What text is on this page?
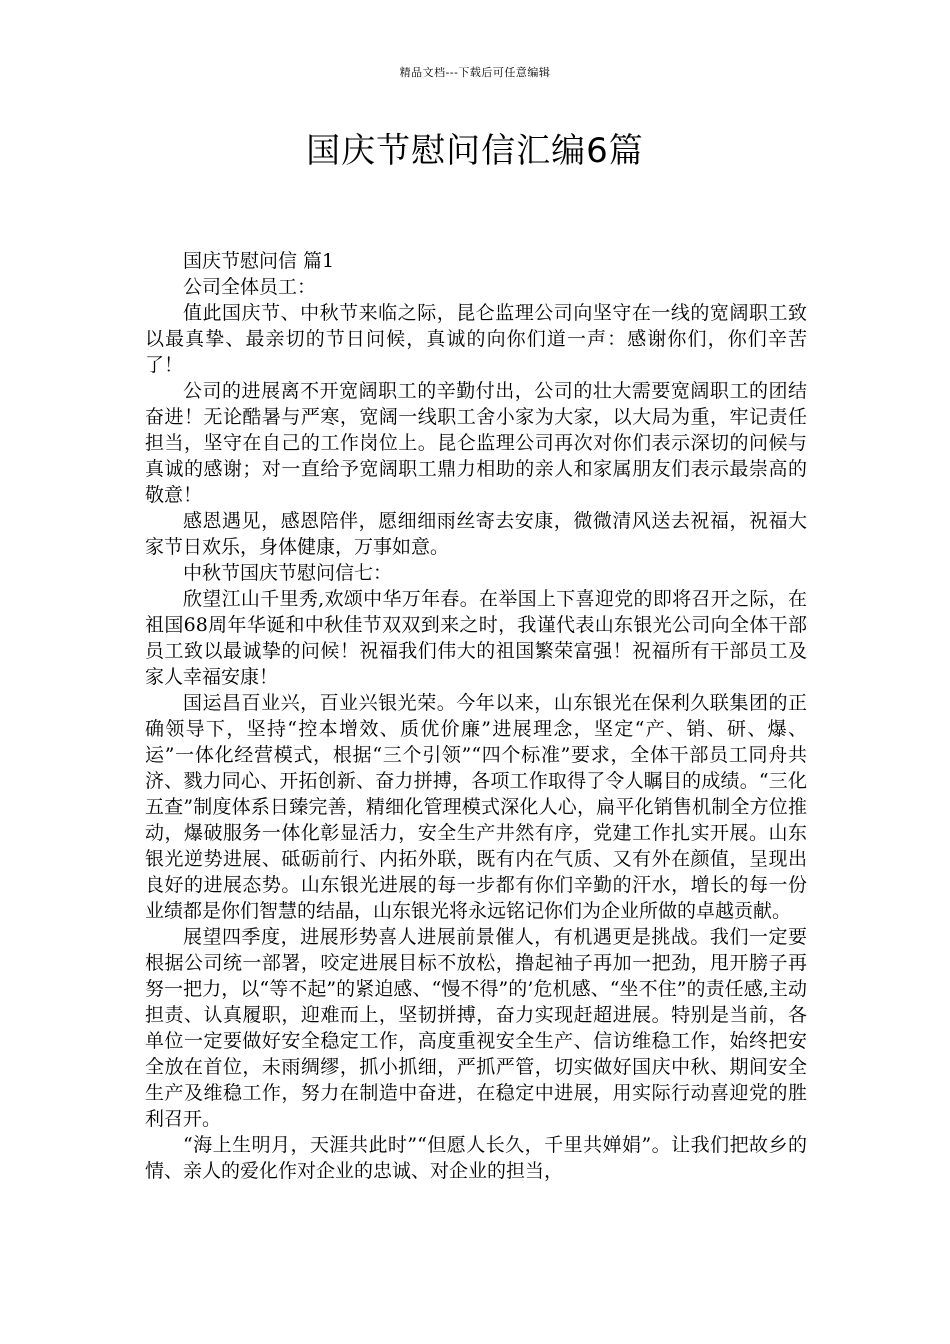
精品文档---下载后可任意编辑
国庆节慰问信汇编6篇

国庆节慰问信 篇1

公司全体员工：

值此国庆节、中秋节来临之际，昆仑监理公司向坚守在一线的宽阔职工致以最真挚、最亲切的节日问候，真诚的向你们道一声：感谢你们，你们辛苦了！

公司的进展离不开宽阔职工的辛勤付出，公司的壮大需要宽阔职工的团结奋进！无论酷暑与严寒，宽阔一线职工舍小家为大家，以大局为重，牢记责任担当，坚守在自己的工作岗位上。昆仑监理公司再次对你们表示深切的问候与真诚的感谢；对一直给予宽阔职工鼎力相助的亲人和家属朋友们表示最崇高的敬意！

感恩遇见，感恩陪伴，愿细细雨丝寄去安康，微微清风送去祝福，祝福大家节日欢乐，身体健康，万事如意。

中秋节国庆节慰问信七：

欣望江山千里秀,欢颂中华万年春。在举国上下喜迎党的即将召开之际，在祖国68周年华诞和中秋佳节双双到来之时，我谨代表山东银光公司向全体干部员工致以最诚挚的问候！祝福我们伟大的祖国繁荣富强！祝福所有干部员工及家人幸福安康！

国运昌百业兴，百业兴银光荣。今年以来，山东银光在保利久联集团的正确领导下，坚持“控本增效、质优价廉”进展理念，坚定“产、销、研、爆、运”一体化经营模式，根据“三个引领”“四个标准”要求，全体干部员工同舟共济、戮力同心、开拓创新、奋力拼搏，各项工作取得了令人瞩目的成绩。“三化五查”制度体系日臻完善，精细化管理模式深化人心，扁平化销售机制全方位推动，爆破服务一体化彰显活力，安全生产井然有序，党建工作扎实开展。山东银光逆势进展、砥砺前行、内拓外联，既有内在气质、又有外在颜值，呈现出良好的进展态势。山东银光进展的每一步都有你们辛勤的汗水，增长的每一份业绩都是你们智慧的结晶，山东银光将永远铭记你们为企业所做的卓越贡献。

展望四季度，进展形势喜人进展前景催人，有机遇更是挑战。我们一定要根据公司统一部署，咬定进展目标不放松，撸起袖子再加一把劲，甩开膀子再努一把力，以“等不起”的紧迫感、“慢不得”的’危机感、“坐不住”的责任感,主动担责、认真履职，迎难而上，坚韧拼搏，奋力实现赶超进展。特别是当前，各单位一定要做好安全稳定工作，高度重视安全生产、信访维稳工作，始终把安全放在首位，未雨绸缪，抓小抓细，严抓严管，切实做好国庆中秋、期间安全生产及维稳工作，努力在制造中奋进，在稳定中进展，用实际行动喜迎党的胜利召开。

“海上生明月，天涯共此时”“但愿人长久，千里共婵娟”。让我们把故乡的情、亲人的爱化作对企业的忠诚、对企业的担当，
